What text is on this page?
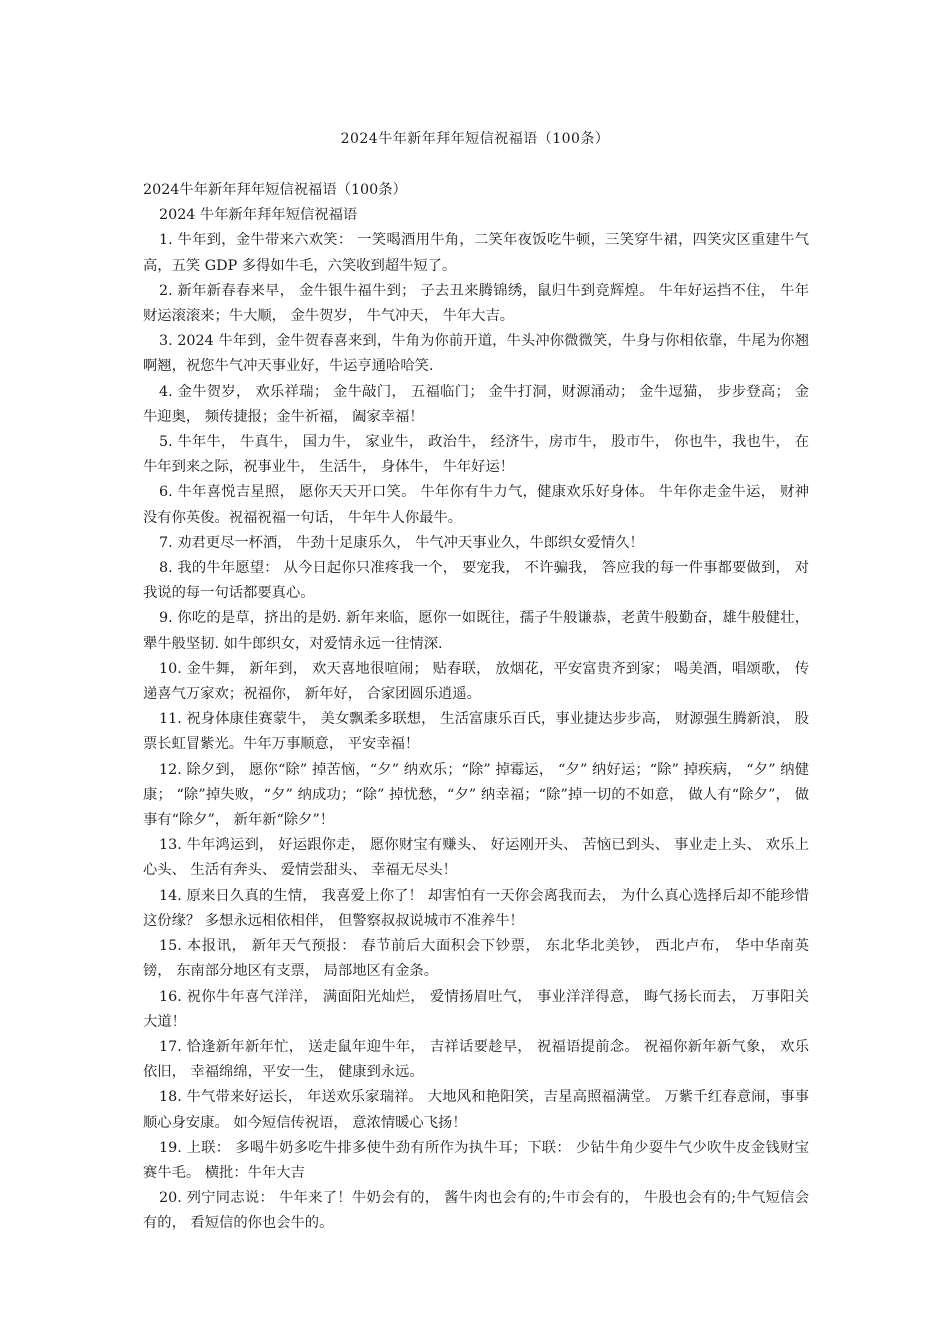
2024牛年新年拜年短信祝福语（100条）

2024牛年新年拜年短信祝福语（100条）

2024 牛年新年拜年短信祝福语

1. 牛年到，金牛带来六欢笑： 一笑喝酒用牛角，二笑年夜饭吃牛顿，三笑穿牛裙，四笑灾区重建牛气高，五笑 GDP 多得如牛毛，六笑收到超牛短了。

2. 新年新春春来早， 金牛银牛福牛到； 子去丑来腾锦绣，鼠归牛到竞辉煌。 牛年好运挡不住， 牛年财运滚滚来；牛大顺， 金牛贺岁， 牛气冲天， 牛年大吉。

3. 2024 牛年到，金牛贺春喜来到，牛角为你前开道，牛头冲你微微笑，牛身与你相依靠，牛尾为你翘啊翘，祝您牛气冲天事业好，牛运亨通哈哈笑.

4. 金牛贺岁， 欢乐祥瑞； 金牛敲门， 五福临门； 金牛打洞，财源涌动； 金牛逗猫， 步步登高； 金牛迎奥， 频传捷报；金牛祈福， 阖家幸福！

5. 牛年牛， 牛真牛， 国力牛， 家业牛， 政治牛， 经济牛，房市牛， 股市牛， 你也牛，我也牛， 在牛年到来之际，祝事业牛， 生活牛， 身体牛， 牛年好运！

6. 牛年喜悦吉星照， 愿你天天开口笑。 牛年你有牛力气，健康欢乐好身体。 牛年你走金牛运， 财神没有你英俊。祝福祝福一句话， 牛年牛人你最牛。

7. 劝君更尽一杯酒， 牛劲十足康乐久， 牛气冲天事业久，牛郎织女爱情久！

8. 我的牛年愿望： 从今日起你只准疼我一个， 要宠我， 不许骗我， 答应我的每一件事都要做到， 对我说的每一句话都要真心。

9. 你吃的是草，挤出的是奶. 新年来临，愿你一如既往，孺子牛般谦恭，老黄牛般勤奋，雄牛般健壮，犟牛般坚韧. 如牛郎织女，对爱情永远一往情深.

10. 金牛舞， 新年到， 欢天喜地很喧闹； 贴春联， 放烟花，平安富贵齐到家； 喝美酒，唱颂歌， 传递喜气万家欢；祝福你， 新年好， 合家团圆乐逍遥。

11. 祝身体康佳赛蒙牛， 美女飘柔多联想， 生活富康乐百氏，事业捷达步步高， 财源强生腾新浪， 股票长虹冒紫光。牛年万事顺意， 平安幸福！

12. 除夕到， 愿你“除” 掉苦恼，“夕” 纳欢乐；“除” 掉霉运， “夕” 纳好运；“除” 掉疾病， “夕” 纳健康； “除”掉失败，“夕” 纳成功；“除” 掉忧愁，“夕” 纳幸福；“除”掉一切的不如意， 做人有“除夕”， 做事有“除夕”， 新年新“除夕”！

13. 牛年鸿运到， 好运跟你走， 愿你财宝有赚头、 好运刚开头、 苦恼已到头、 事业走上头、 欢乐上心头、 生活有奔头、 爱情尝甜头、 幸福无尽头！

14. 原来日久真的生情， 我喜爱上你了！ 却害怕有一天你会离我而去， 为什么真心选择后却不能珍惜这份缘？ 多想永远相依相伴， 但警察叔叔说城市不准养牛！

15. 本报讯， 新年天气预报： 春节前后大面积会下钞票， 东北华北美钞， 西北卢布， 华中华南英镑， 东南部分地区有支票， 局部地区有金条。

16. 祝你牛年喜气洋洋， 满面阳光灿烂， 爱情扬眉吐气， 事业洋洋得意， 晦气扬长而去， 万事阳关大道！

17. 恰逢新年新年忙， 送走鼠年迎牛年， 吉祥话要趁早， 祝福语提前念。 祝福你新年新气象， 欢乐依旧， 幸福绵绵，平安一生， 健康到永远。

18. 牛气带来好运长， 年送欢乐家瑞祥。 大地风和艳阳笑，吉星高照福满堂。 万紫千红春意闹，事事顺心身安康。 如今短信传祝语， 意浓情暖心飞扬！

19. 上联： 多喝牛奶多吃牛排多使牛劲有所作为执牛耳；下联： 少钻牛角少耍牛气少吹牛皮金钱财宝赛牛毛。 横批：牛年大吉

20. 列宁同志说： 牛年来了！牛奶会有的， 酱牛肉也会有的;牛市会有的， 牛股也会有的;牛气短信会有的， 看短信的你也会牛的。
